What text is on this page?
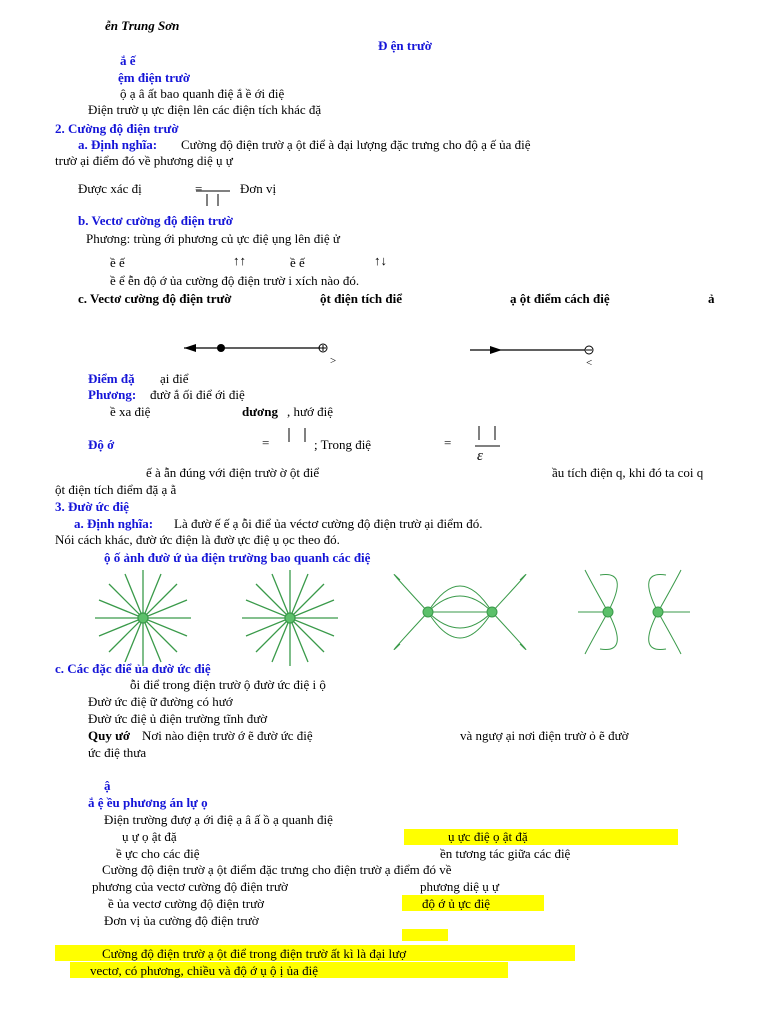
ễn Trung Sơn
Đ ện trườ
ắ ế
ệm điện trườ
ộ ạ â ất bao quanh điệ ắ ề ới điệ
Điện trườ ụ ực điện lên các điện tích khác đặ
2. Cường độ điện trườ
a. Định nghĩa: Cường độ điện trườ ạ ột điể à đại lượng đặc trưng cho độ ạ ế ủa điệ
trườ ại điểm đó về phương diệ ụ ự
Được xác đị	=	Đơn vị
b. Vectơ cường độ điện trườ
Phương: trùng ới phương củ ực điệ ụng lên điệ ử
ề ế	↑↑	ề ế	↑↓
ề ể ễn độ ớ ủa cường độ điện trườ i xích nào đó.
c. Vectơ cường độ điện trườ	ột điện tích điể	ạ ột điểm cách điệ	ả
Điểm đặ ại điể
Phương: đườ ắ ối điể ới điệ
ề xa điệ	dương , hướ điệ
Độ ớ	=	; Trong điệ	=
ε
ế à ẫn đúng với điện trườ ờ ột điể	ầu tích điện q, khi đó ta coi q
ột điện tích điểm đặ ạ ằ
3. Đườ ức điệ
a. Định nghĩa: Là đườ ế ế ạ ỗi điể ủa véctơ cường độ điện trườ ại điểm đó.
Nói cách khác, đườ ức điện là đườ ực điệ ụ ọc theo đó.
ộ ố ảnh đườ ứ ủa điện trường bao quanh các điệ
c. Các đặc điể ủa đườ ức điệ
ỗi điể trong điện trườ ộ đườ ức điệ i ộ
Đườ ức điệ ữ đường có hướ
Đườ ức điệ ủ điện trường tĩnh đườ
Quy ướ Nơi nào điện trườ ớ ẽ đườ ức điệ	và ngượ ại nơi điện trườ ỏ ẽ đườ
ức điệ thưa
ậ
ắ ệ ều phương án lự ọ
Điện trường đượ ạ ới điệ ạ â ấ ồ ạ quanh điệ
ụ ự ọ ật đặ	ụ ực điệ ọ ật đặ
ề ực cho các điệ	ền tương tác giữa các điệ
Cường độ điện trườ ạ ột điểm đặc trưng cho điện trườ ạ điểm đó về
phương của vectơ cường độ điện trườ	phương diệ ụ ự
ề ủa vectơ cường độ điện trườ	độ ớ ủ ực điệ
Đơn vị ủa cường độ điện trườ
Cường độ điện trườ ạ ột điể trong điện trườ ất kì là đại lượ
vectơ, có phương, chiều và độ ớ ụ ộ ị ủa điệ
>	<
